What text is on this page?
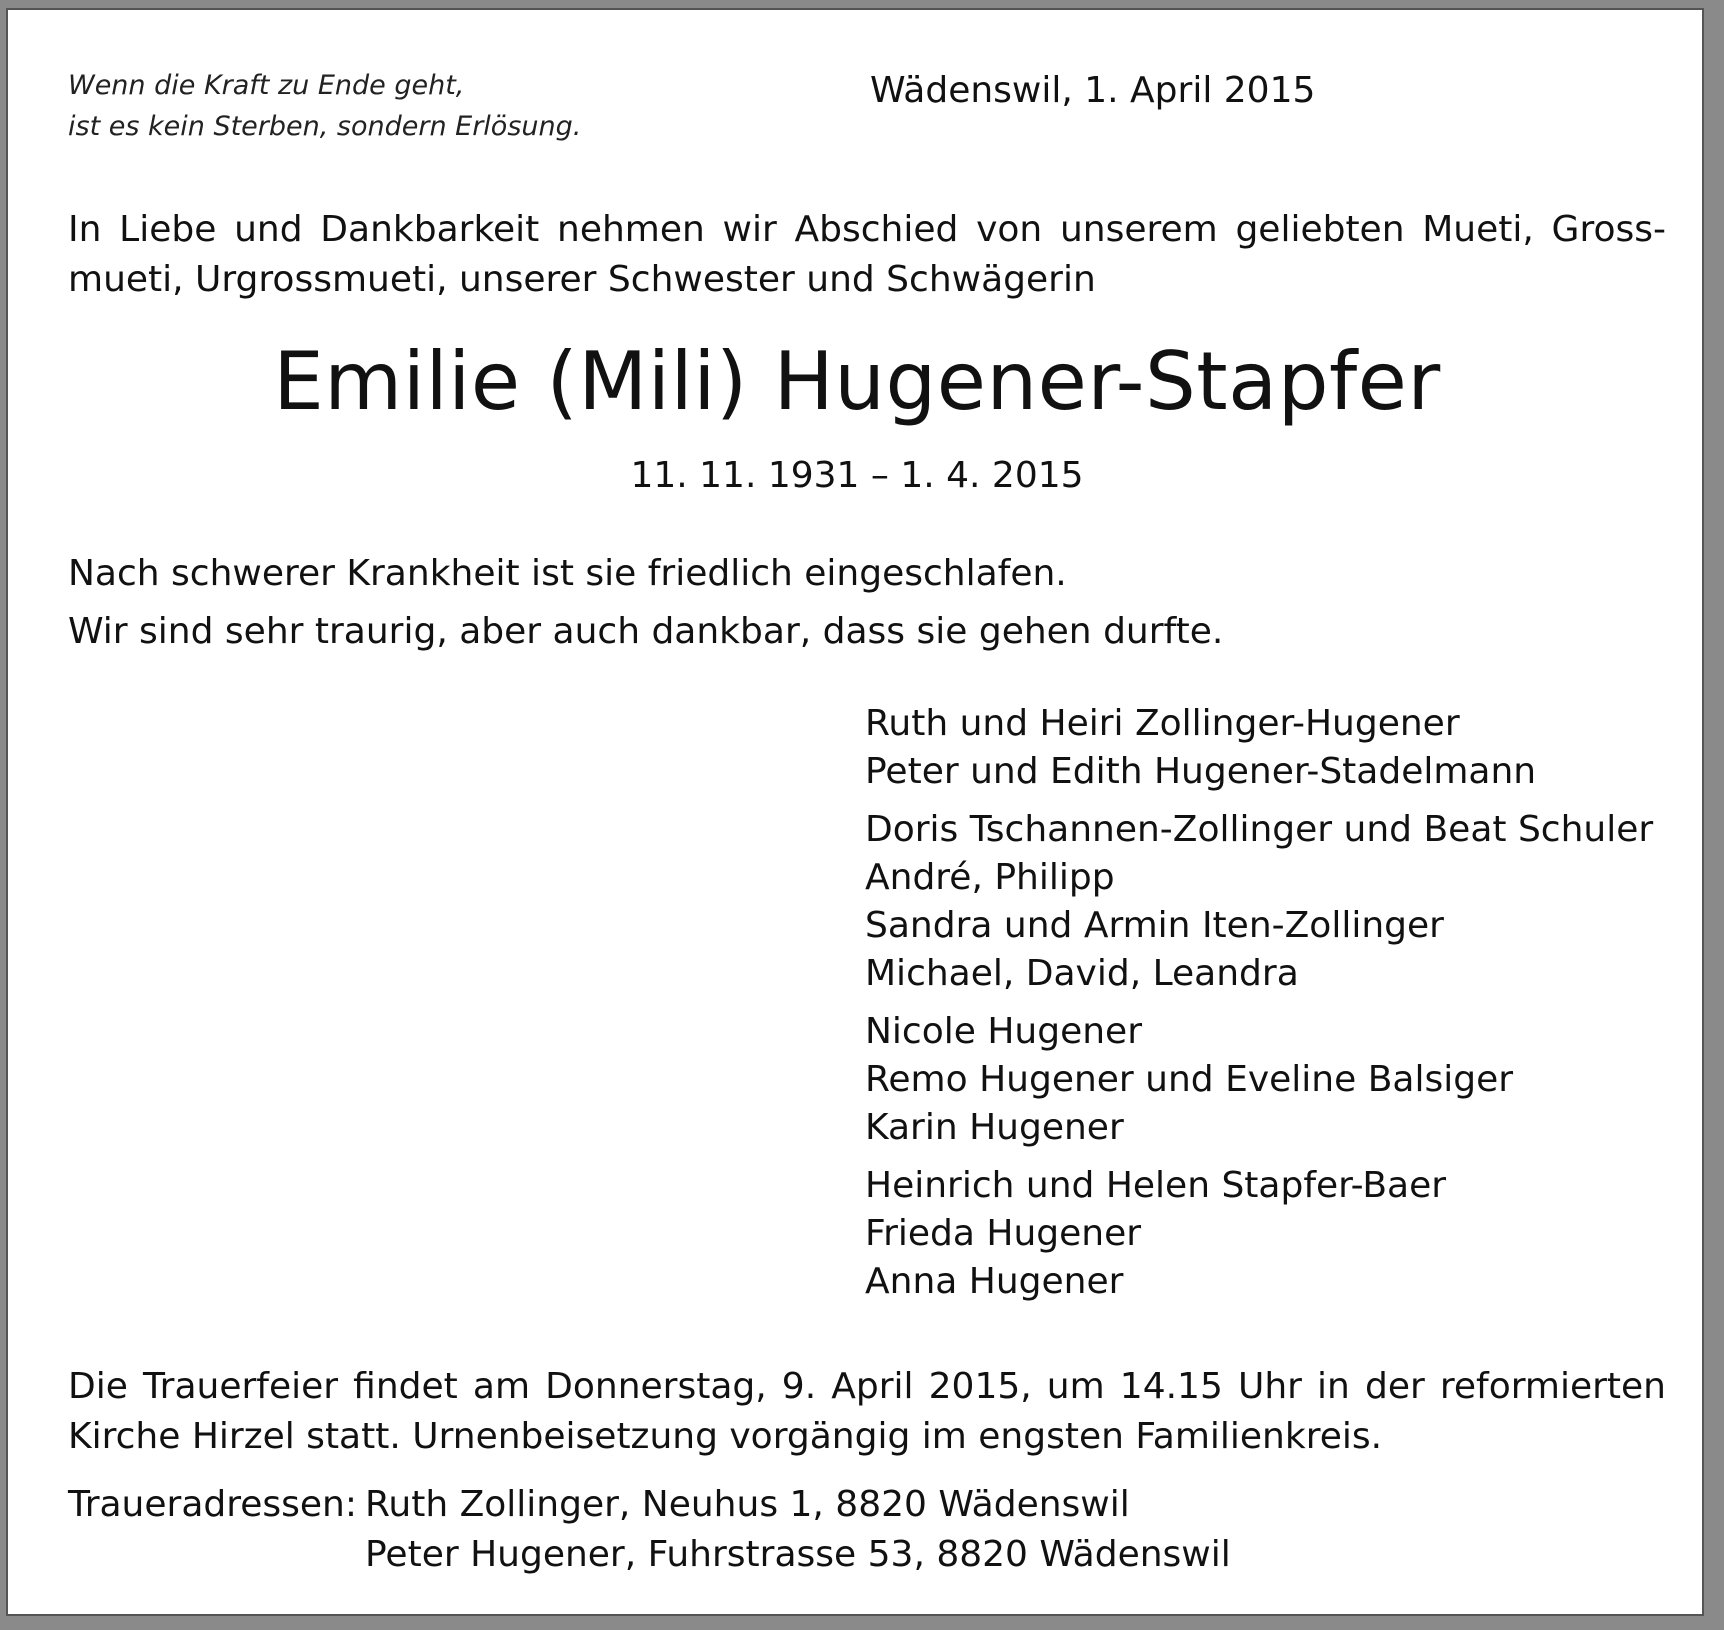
Wenn die Kraft zu Ende geht,
ist es kein Sterben, sondern Erlösung.
Wädenswil, 1. April 2015
In Liebe und Dankbarkeit nehmen wir Abschied von unserem geliebten Mueti, Gross-
mueti, Urgrossmueti, unserer Schwester und Schwägerin
Emilie (Mili) Hugener-Stapfer
11. 11. 1931 – 1. 4. 2015
Nach schwerer Krankheit ist sie friedlich eingeschlafen.
Wir sind sehr traurig, aber auch dankbar, dass sie gehen durfte.
Ruth und Heiri Zollinger-Hugener
Peter und Edith Hugener-Stadelmann
Doris Tschannen-Zollinger und Beat Schuler
André, Philipp
Sandra und Armin Iten-Zollinger
Michael, David, Leandra
Nicole Hugener
Remo Hugener und Eveline Balsiger
Karin Hugener
Heinrich und Helen Stapfer-Baer
Frieda Hugener
Anna Hugener
Die Trauerfeier findet am Donnerstag, 9. April 2015, um 14.15 Uhr in der reformierten
Kirche Hirzel statt. Urnenbeisetzung vorgängig im engsten Familienkreis.
Traueradressen: Ruth Zollinger, Neuhus 1, 8820 Wädenswil
Peter Hugener, Fuhrstrasse 53, 8820 Wädenswil
